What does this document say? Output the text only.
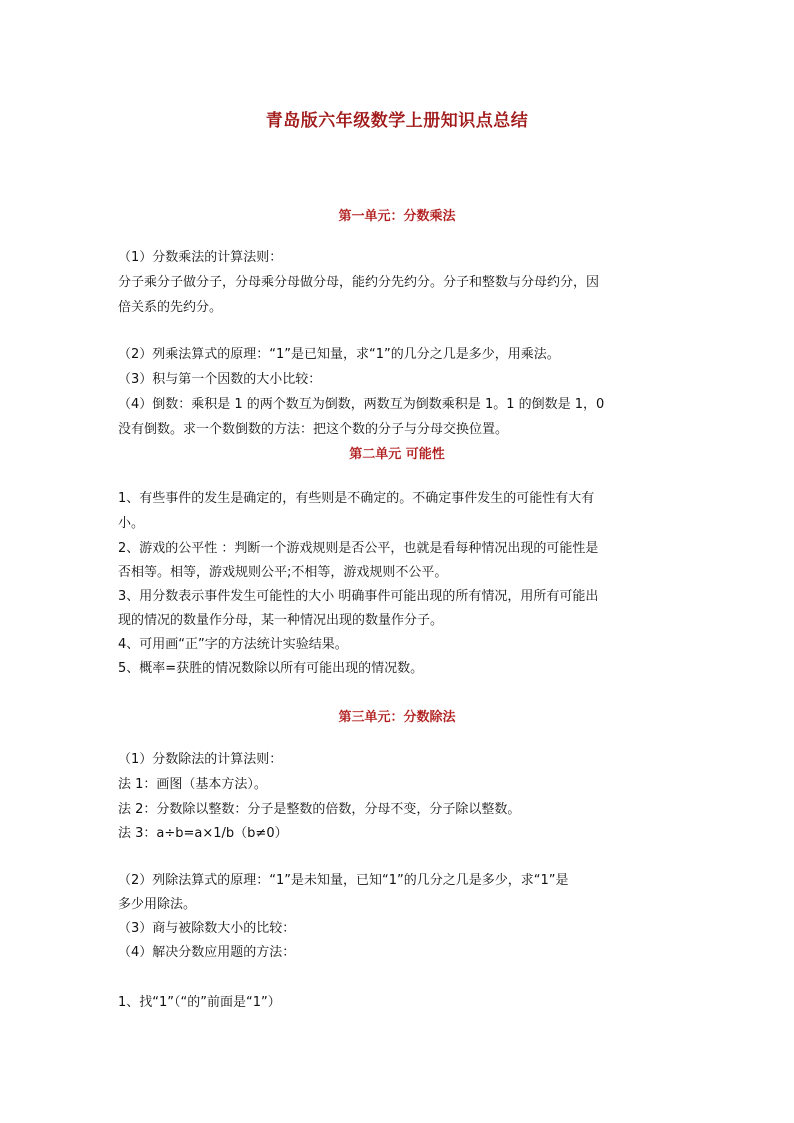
青岛版六年级数学上册知识点总结
第一单元：分数乘法
（1）分数乘法的计算法则：
分子乘分子做分子，分母乘分母做分母，能约分先约分。分子和整数与分母约分，因
倍关系的先约分。
（2）列乘法算式的原理：“1”是已知量，求“1”的几分之几是多少，用乘法。
（3）积与第一个因数的大小比较：
（4）倒数：乘积是 1 的两个数互为倒数，两数互为倒数乘积是 1。1 的倒数是 1，0
没有倒数。求一个数倒数的方法：把这个数的分子与分母交换位置。
第二单元 可能性
1、有些事件的发生是确定的，有些则是不确定的。不确定事件发生的可能性有大有
小。
2、游戏的公平性 ：判断一个游戏规则是否公平，也就是看每种情况出现的可能性是
否相等。相等，游戏规则公平;不相等，游戏规则不公平。
3、用分数表示事件发生可能性的大小 明确事件可能出现的所有情况，用所有可能出
现的情况的数量作分母，某一种情况出现的数量作分子。
4、可用画“正”字的方法统计实验结果。
5、概率=获胜的情况数除以所有可能出现的情况数。
第三单元：分数除法
（1）分数除法的计算法则：
法 1：画图（基本方法）。
法 2：分数除以整数：分子是整数的倍数，分母不变，分子除以整数。
法 3：a÷b=a×1/b（b≠0）
（2）列除法算式的原理：“1”是未知量，已知“1”的几分之几是多少，求“1”是
多少用除法。
（3）商与被除数大小的比较：
（4）解决分数应用题的方法：
1、找“1”（“的”前面是“1”）
